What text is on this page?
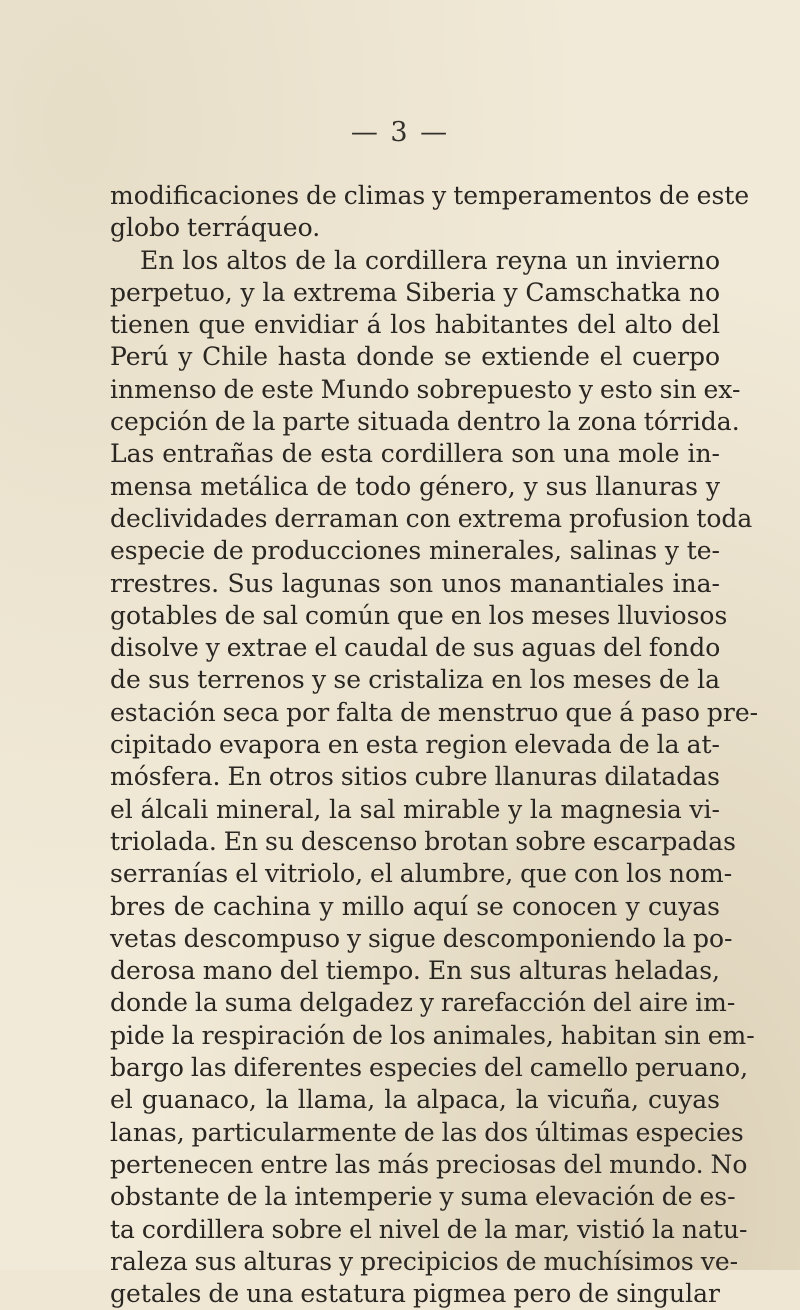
— 3 —
modificaciones de climas y temperamentos de este
globo terráqueo.
En los altos de la cordillera reyna un invierno
perpetuo, y la extrema Siberia y Camschatka no
tienen que envidiar á los habitantes del alto del
Perú y Chile hasta donde se extiende el cuerpo
inmenso de este Mundo sobrepuesto y esto sin ex-
cepción de la parte situada dentro la zona tórrida.
Las entrañas de esta cordillera son una mole in-
mensa metálica de todo género, y sus llanuras y
declividades derraman con extrema profusion toda
especie de producciones minerales, salinas y te-
rrestres. Sus lagunas son unos manantiales ina-
gotables de sal común que en los meses lluviosos
disolve y extrae el caudal de sus aguas del fondo
de sus terrenos y se cristaliza en los meses de la
estación seca por falta de menstruo que á paso pre-
cipitado evapora en esta region elevada de la at-
mósfera. En otros sitios cubre llanuras dilatadas
el álcali mineral, la sal mirable y la magnesia vi-
triolada. En su descenso brotan sobre escarpadas
serranías el vitriolo, el alumbre, que con los nom-
bres de cachina y millo aquí se conocen y cuyas
vetas descompuso y sigue descomponiendo la po-
derosa mano del tiempo. En sus alturas heladas,
donde la suma delgadez y rarefacción del aire im-
pide la respiración de los animales, habitan sin em-
bargo las diferentes especies del camello peruano,
el guanaco, la llama, la alpaca, la vicuña, cuyas
lanas, particularmente de las dos últimas especies
pertenecen entre las más preciosas del mundo. No
obstante de la intemperie y suma elevación de es-
ta cordillera sobre el nivel de la mar, vistió la natu-
raleza sus alturas y precipicios de muchísimos ve-
getales de una estatura pigmea pero de singular
